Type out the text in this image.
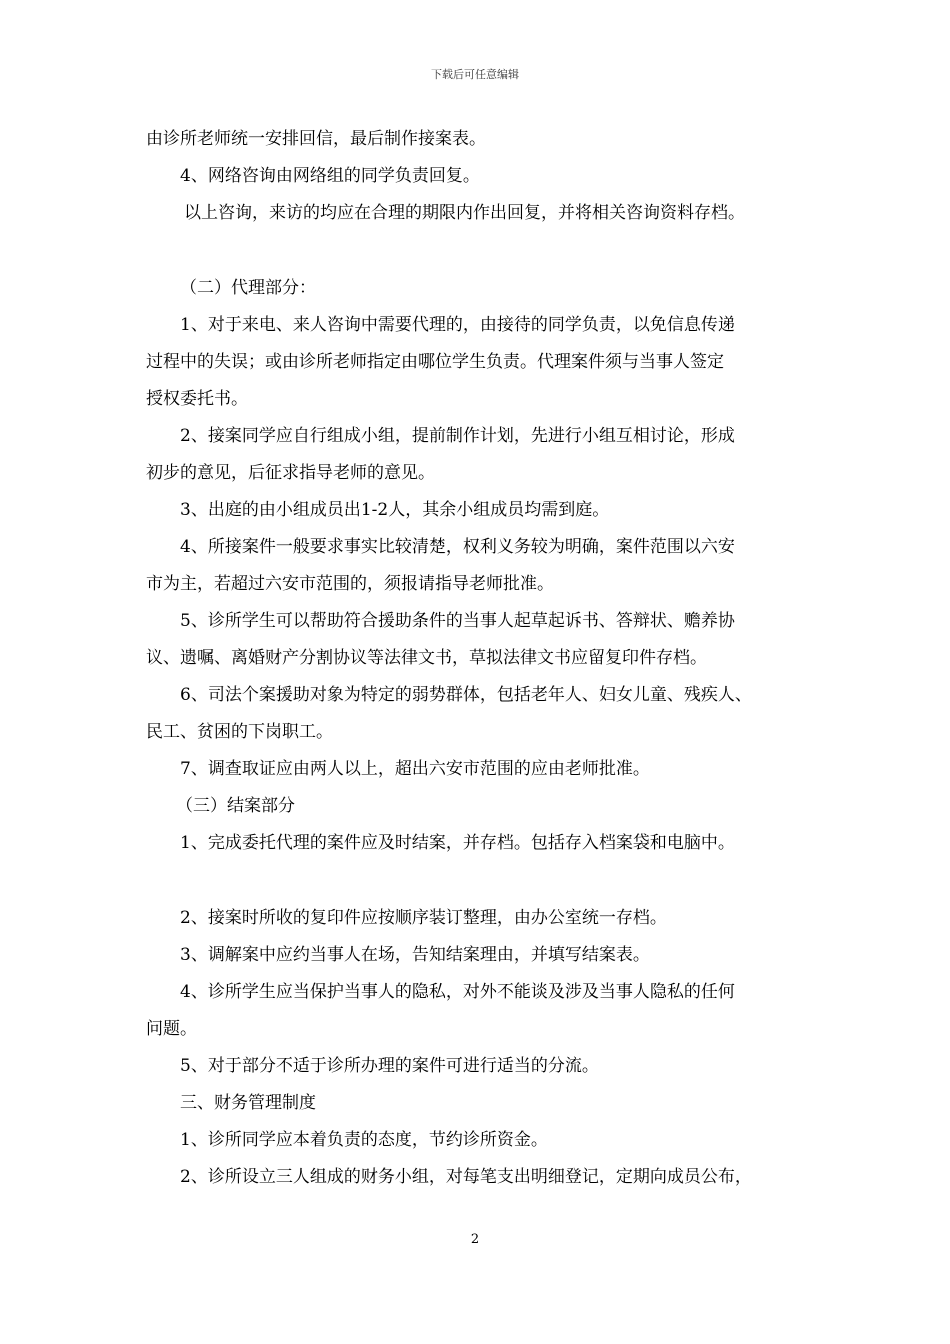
下载后可任意编辑
由诊所老师统一安排回信，最后制作接案表。
4、网络咨询由网络组的同学负责回复。
以上咨询，来访的均应在合理的期限内作出回复，并将相关咨询资料存档。
（二）代理部分：
1、对于来电、来人咨询中需要代理的，由接待的同学负责，以免信息传递
过程中的失误；或由诊所老师指定由哪位学生负责。代理案件须与当事人签定
授权委托书。
2、接案同学应自行组成小组，提前制作计划，先进行小组互相讨论，形成
初步的意见，后征求指导老师的意见。
3、出庭的由小组成员出1-2人，其余小组成员均需到庭。
4、所接案件一般要求事实比较清楚，权利义务较为明确，案件范围以六安
市为主，若超过六安市范围的，须报请指导老师批准。
5、诊所学生可以帮助符合援助条件的当事人起草起诉书、答辩状、赡养协
议、遗嘱、离婚财产分割协议等法律文书，草拟法律文书应留复印件存档。
6、司法个案援助对象为特定的弱势群体，包括老年人、妇女儿童、残疾人、
民工、贫困的下岗职工。
7、调查取证应由两人以上，超出六安市范围的应由老师批准。
（三）结案部分
1、完成委托代理的案件应及时结案，并存档。包括存入档案袋和电脑中。
2、接案时所收的复印件应按顺序装订整理，由办公室统一存档。
3、调解案中应约当事人在场，告知结案理由，并填写结案表。
4、诊所学生应当保护当事人的隐私，对外不能谈及涉及当事人隐私的任何
问题。
5、对于部分不适于诊所办理的案件可进行适当的分流。
三、财务管理制度
1、诊所同学应本着负责的态度，节约诊所资金。
2、诊所设立三人组成的财务小组，对每笔支出明细登记，定期向成员公布，
2
